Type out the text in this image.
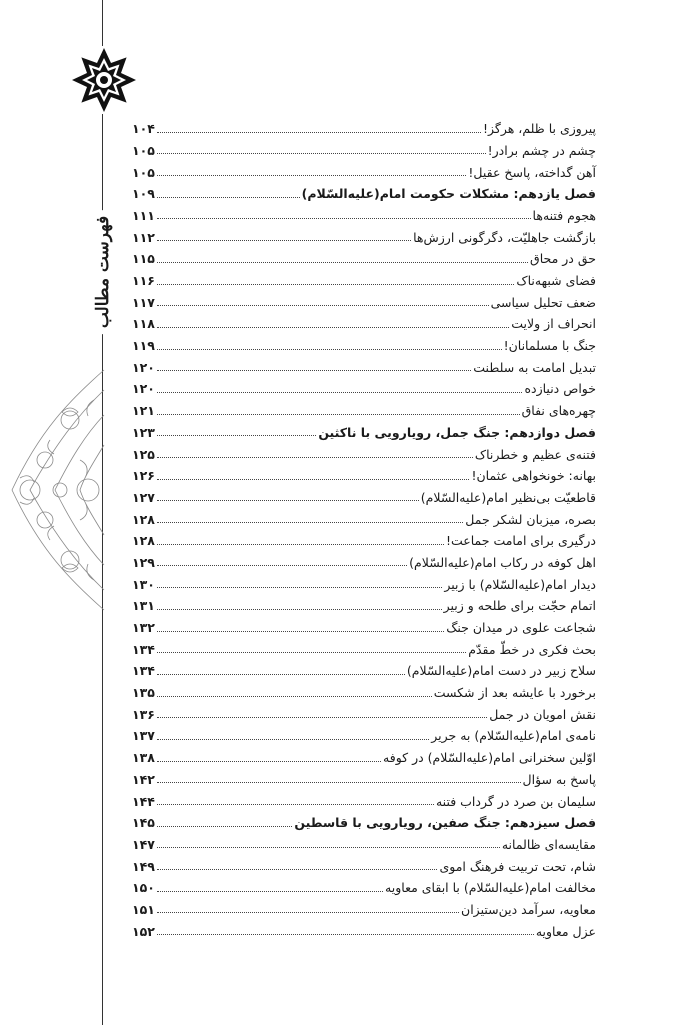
فهرست مطالب
۱۰۴	پیروزی با ظلم، هرگز!
۱۰۵	چشم در چشم برادر!
۱۰۵	آهن گداخته، پاسخ عقیل!
۱۰۹	فصل یازدهم: مشکلات حکومت امام(علیه‌السّلام)
۱۱۱	هجوم فتنه‌ها
۱۱۲	بازگشت جاهلیّت، دگرگونی ارزش‌ها
۱۱۵	حق در محاق
۱۱۶	فضای شبهه‌ناک
۱۱۷	ضعف تحلیل سیاسی
۱۱۸	انحراف از ولایت
۱۱۹	جنگ با مسلمانان!
۱۲۰	تبدیل امامت به سلطنت
۱۲۰	خواص دنیازده
۱۲۱	چهره‌های نفاق
۱۲۳	فصل دوازدهم: جنگ جمل، رویارویی با ناکثین
۱۲۵	فتنه‌ی عظیم و خطرناک
۱۲۶	بهانه: خونخواهی عثمان!
۱۲۷	قاطعیّت بی‌نظیر امام(علیه‌السّلام)
۱۲۸	بصره، میزبان لشکر جمل
۱۲۸	درگیری برای امامت جماعت!
۱۲۹	اهل کوفه در رکاب امام(علیه‌السّلام)
۱۳۰	دیدار امام(علیه‌السّلام) با زبیر
۱۳۱	اتمام حجّت برای طلحه و زبیر
۱۳۲	شجاعت علوی در میدان جنگ
۱۳۴	بحث فکری در خطّ مقدّم
۱۳۴	سلاح زبیر در دست امام(علیه‌السّلام)
۱۳۵	برخورد با عایشه بعد از شکست
۱۳۶	نقش امویان در جمل
۱۳۷	نامه‌ی امام(علیه‌السّلام) به جریر
۱۳۸	اوّلین سخنرانی امام(علیه‌السّلام) در کوفه
۱۴۲	پاسخ به سؤال
۱۴۴	سلیمان بن صرد در گرداب فتنه
۱۴۵	فصل سیزدهم: جنگ صفین، رویارویی با قاسطین
۱۴۷	مقایسه‌ای ظالمانه
۱۴۹	شام، تحت تربیت فرهنگ اموی
۱۵۰	مخالفت امام(علیه‌السّلام) با ابقای معاویه
۱۵۱	معاویه، سرآمد دین‌ستیزان
۱۵۲	عزل معاویه
